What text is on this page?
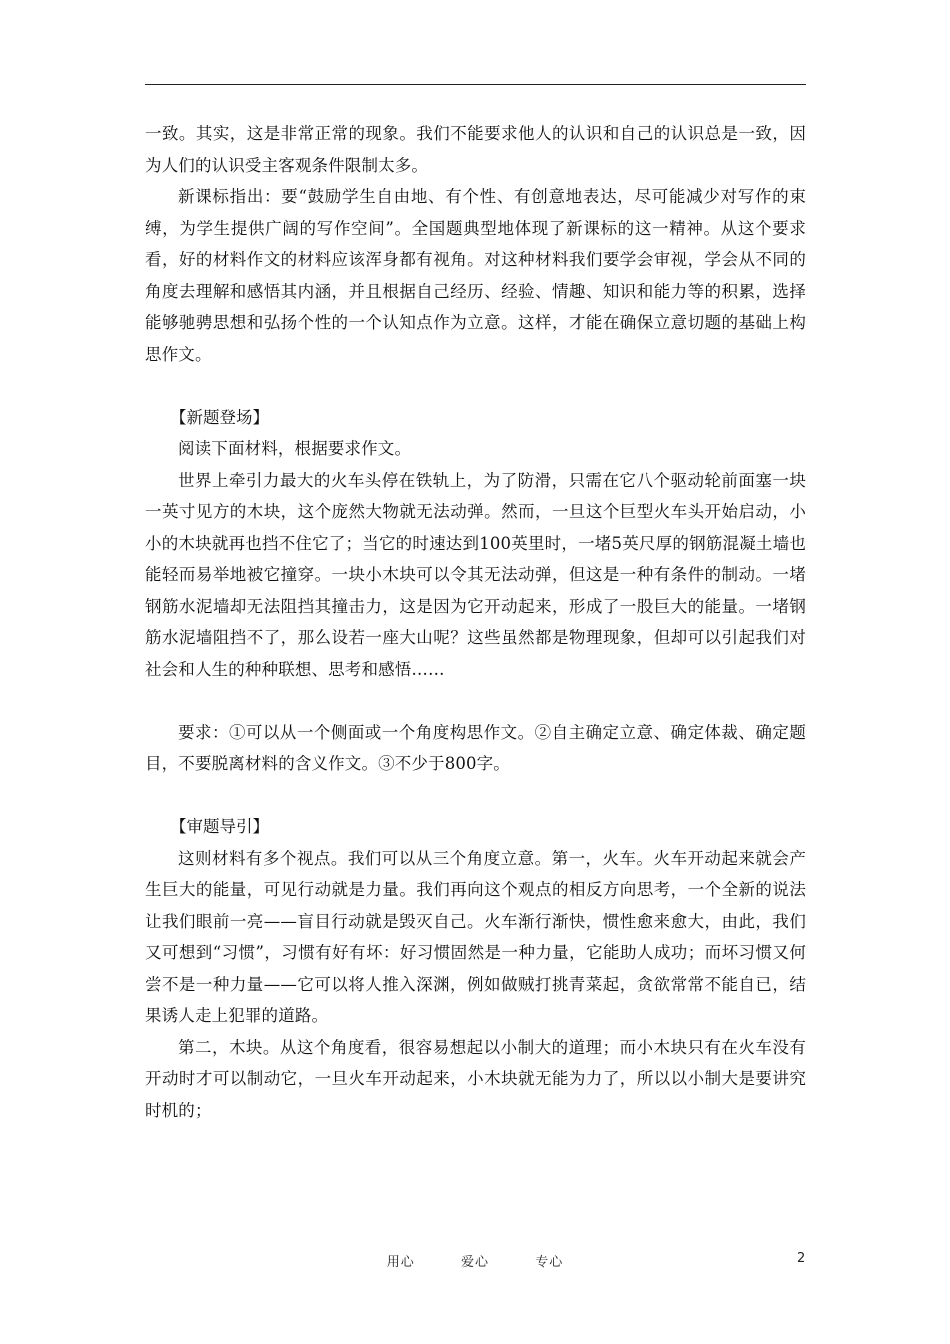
一致。其实，这是非常正常的现象。我们不能要求他人的认识和自己的认识总是一致，因为人们的认识受主客观条件限制太多。

新课标指出：要“鼓励学生自由地、有个性、有创意地表达，尽可能减少对写作的束缚，为学生提供广阔的写作空间”。全国题典型地体现了新课标的这一精神。从这个要求看，好的材料作文的材料应该浑身都有视角。对这种材料我们要学会审视，学会从不同的角度去理解和感悟其内涵，并且根据自己经历、经验、情趣、知识和能力等的积累，选择能够驰骋思想和弘扬个性的一个认知点作为立意。这样，才能在确保立意切题的基础上构思作文。

【新题登场】

阅读下面材料，根据要求作文。

世界上牵引力最大的火车头停在铁轨上，为了防滑，只需在它八个驱动轮前面塞一块一英寸见方的木块，这个庞然大物就无法动弹。然而，一旦这个巨型火车头开始启动，小小的木块就再也挡不住它了；当它的时速达到100英里时，一堵5英尺厚的钢筋混凝土墙也能轻而易举地被它撞穿。一块小木块可以令其无法动弹，但这是一种有条件的制动。一堵钢筋水泥墙却无法阻挡其撞击力，这是因为它开动起来，形成了一股巨大的能量。一堵钢筋水泥墙阻挡不了，那么设若一座大山呢？这些虽然都是物理现象，但却可以引起我们对社会和人生的种种联想、思考和感悟……

要求：①可以从一个侧面或一个角度构思作文。②自主确定立意、确定体裁、确定题目，不要脱离材料的含义作文。③不少于800字。

【审题导引】

这则材料有多个视点。我们可以从三个角度立意。第一，火车。火车开动起来就会产生巨大的能量，可见行动就是力量。我们再向这个观点的相反方向思考，一个全新的说法让我们眼前一亮——盲目行动就是毁灭自己。火车渐行渐快，惯性愈来愈大，由此，我们又可想到“习惯”，习惯有好有坏：好习惯固然是一种力量，它能助人成功；而坏习惯又何尝不是一种力量——它可以将人推入深渊，例如做贼打挑青菜起，贪欲常常不能自已，结果诱人走上犯罪的道路。

第二，木块。从这个角度看，很容易想起以小制大的道理；而小木块只有在火车没有开动时才可以制动它，一旦火车开动起来，小木块就无能为力了，所以以小制大是要讲究时机的；

用心  爱心  专心	2
